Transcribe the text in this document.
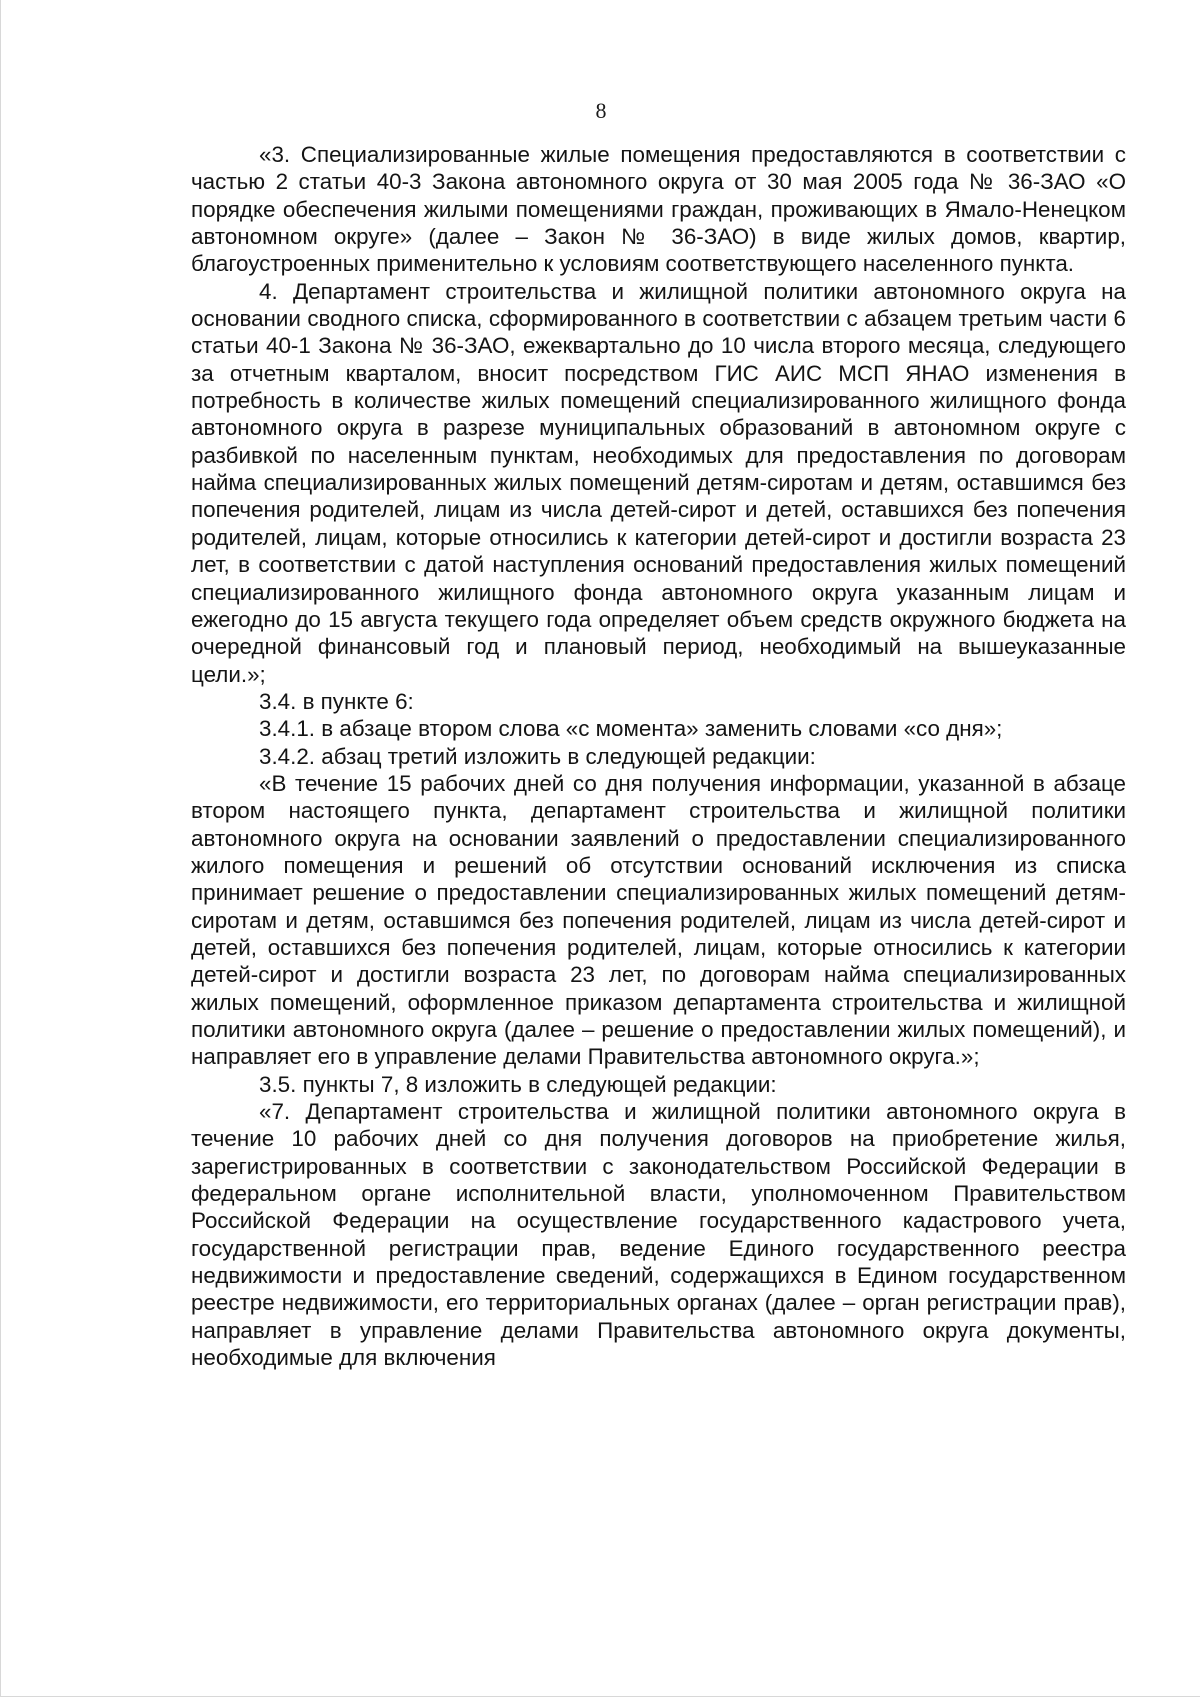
8

«3. Специализированные жилые помещения предоставляются в соответствии с частью 2 статьи 40-3 Закона автономного округа от 30 мая 2005 года № 36-ЗАО «О порядке обеспечения жилыми помещениями граждан, проживающих в Ямало-Ненецком автономном округе» (далее – Закон № 36-ЗАО) в виде жилых домов, квартир, благоустроенных применительно к условиям соответствующего населенного пункта.

4. Департамент строительства и жилищной политики автономного округа на основании сводного списка, сформированного в соответствии с абзацем третьим части 6 статьи 40-1 Закона № 36-ЗАО, ежеквартально до 10 числа второго месяца, следующего за отчетным кварталом, вносит посредством ГИС АИС МСП ЯНАО изменения в потребность в количестве жилых помещений специализированного жилищного фонда автономного округа в разрезе муниципальных образований в автономном округе с разбивкой по населенным пунктам, необходимых для предоставления по договорам найма специализированных жилых помещений детям-сиротам и детям, оставшимся без попечения родителей, лицам из числа детей-сирот и детей, оставшихся без попечения родителей, лицам, которые относились к категории детей-сирот и достигли возраста 23 лет, в соответствии с датой наступления оснований предоставления жилых помещений специализированного жилищного фонда автономного округа указанным лицам и ежегодно до 15 августа текущего года определяет объем средств окружного бюджета на очередной финансовый год и плановый период, необходимый на вышеуказанные цели.»;

3.4. в пункте 6:

3.4.1. в абзаце втором слова «с момента» заменить словами «со дня»;

3.4.2. абзац третий изложить в следующей редакции:

«В течение 15 рабочих дней со дня получения информации, указанной в абзаце втором настоящего пункта, департамент строительства и жилищной политики автономного округа на основании заявлений о предоставлении специализированного жилого помещения и решений об отсутствии оснований исключения из списка принимает решение о предоставлении специализированных жилых помещений детям-сиротам и детям, оставшимся без попечения родителей, лицам из числа детей-сирот и детей, оставшихся без попечения родителей, лицам, которые относились к категории детей-сирот и достигли возраста 23 лет, по договорам найма специализированных жилых помещений, оформленное приказом департамента строительства и жилищной политики автономного округа (далее – решение о предоставлении жилых помещений), и направляет его в управление делами Правительства автономного округа.»;

3.5. пункты 7, 8 изложить в следующей редакции:

«7. Департамент строительства и жилищной политики автономного округа в течение 10 рабочих дней со дня получения договоров на приобретение жилья, зарегистрированных в соответствии с законодательством Российской Федерации в федеральном органе исполнительной власти, уполномоченном Правительством Российской Федерации на осуществление государственного кадастрового учета, государственной регистрации прав, ведение Единого государственного реестра недвижимости и предоставление сведений, содержащихся в Едином государственном реестре недвижимости, его территориальных органах (далее – орган регистрации прав), направляет в управление делами Правительства автономного округа документы, необходимые для включения
